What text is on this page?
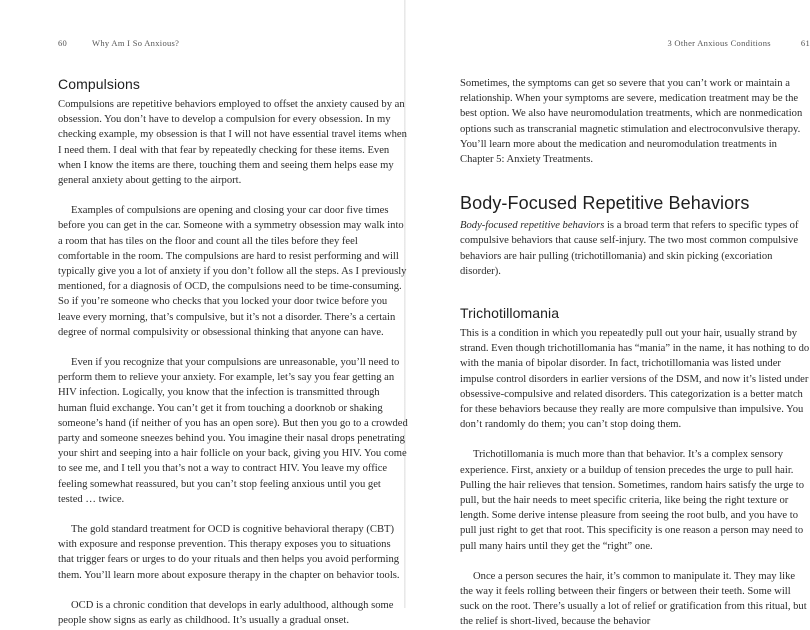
60	Why Am I So Anxious?
Compulsions

Compulsions are repetitive behaviors employed to offset the anxiety caused by an obsession. You don’t have to develop a compulsion for every obsession. In my checking example, my obsession is that I will not have essential travel items when I need them. I deal with that fear by repeatedly checking for these items. Even when I know the items are there, touching them and seeing them helps ease my general anxiety about getting to the airport.

Examples of compulsions are opening and closing your car door five times before you can get in the car. Someone with a symmetry obsession may walk into a room that has tiles on the floor and count all the tiles before they feel comfortable in the room. The compulsions are hard to resist performing and will typically give you a lot of anxiety if you don’t follow all the steps. As I previously mentioned, for a diagnosis of OCD, the compulsions need to be time-consuming. So if you’re someone who checks that you locked your door twice before you leave every morning, that’s compulsive, but it’s not a disorder. There’s a certain degree of normal compulsivity or obsessional thinking that anyone can have.

Even if you recognize that your compulsions are unreasonable, you’ll need to perform them to relieve your anxiety. For example, let’s say you fear getting an HIV infection. Logically, you know that the infection is transmitted through human fluid exchange. You can’t get it from touching a doorknob or shaking someone’s hand (if neither of you has an open sore). But then you go to a crowded party and someone sneezes behind you. You imagine their nasal drops penetrating your shirt and seeping into a hair follicle on your back, giving you HIV. You come to see me, and I tell you that’s not a way to contract HIV. You leave my office feeling somewhat reassured, but you can’t stop feeling anxious until you get tested … twice.

The gold standard treatment for OCD is cognitive behavioral therapy (CBT) with exposure and response prevention. This therapy exposes you to situations that trigger fears or urges to do your rituals and then helps you avoid performing them. You’ll learn more about exposure therapy in the chapter on behavior tools.

OCD is a chronic condition that develops in early adulthood, although some people show signs as early as childhood. It’s usually a gradual onset.

3 Other Anxious Conditions	61

Sometimes, the symptoms can get so severe that you can’t work or maintain a relationship. When your symptoms are severe, medication treatment may be the best option. We also have neuromodulation treatments, which are nonmedication options such as transcranial magnetic stimulation and electroconvulsive therapy. You’ll learn more about the medication and neuromodulation treatments in Chapter 5: Anxiety Treatments.

Body-Focused Repetitive Behaviors

Body-focused repetitive behaviors is a broad term that refers to specific types of compulsive behaviors that cause self-injury. The two most common compulsive behaviors are hair pulling (trichotillomania) and skin picking (excoriation disorder).

Trichotillomania

This is a condition in which you repeatedly pull out your hair, usually strand by strand. Even though trichotillomania has “mania” in the name, it has nothing to do with the mania of bipolar disorder. In fact, trichotillomania was listed under impulse control disorders in earlier versions of the DSM, and now it’s listed under obsessive-compulsive and related disorders. This categorization is a better match for these behaviors because they really are more compulsive than impulsive. You don’t randomly do them; you can’t stop doing them.

Trichotillomania is much more than that behavior. It’s a complex sensory experience. First, anxiety or a buildup of tension precedes the urge to pull hair. Pulling the hair relieves that tension. Sometimes, random hairs satisfy the urge to pull, but the hair needs to meet specific criteria, like being the right texture or length. Some derive intense pleasure from seeing the root bulb, and you have to pull just right to get that root. This specificity is one reason a person may need to pull many hairs until they get the “right” one.

Once a person secures the hair, it’s common to manipulate it. They may like the way it feels rolling between their fingers or between their teeth. Some will suck on the root. There’s usually a lot of relief or gratification from this ritual, but the relief is short-lived, because the behavior
